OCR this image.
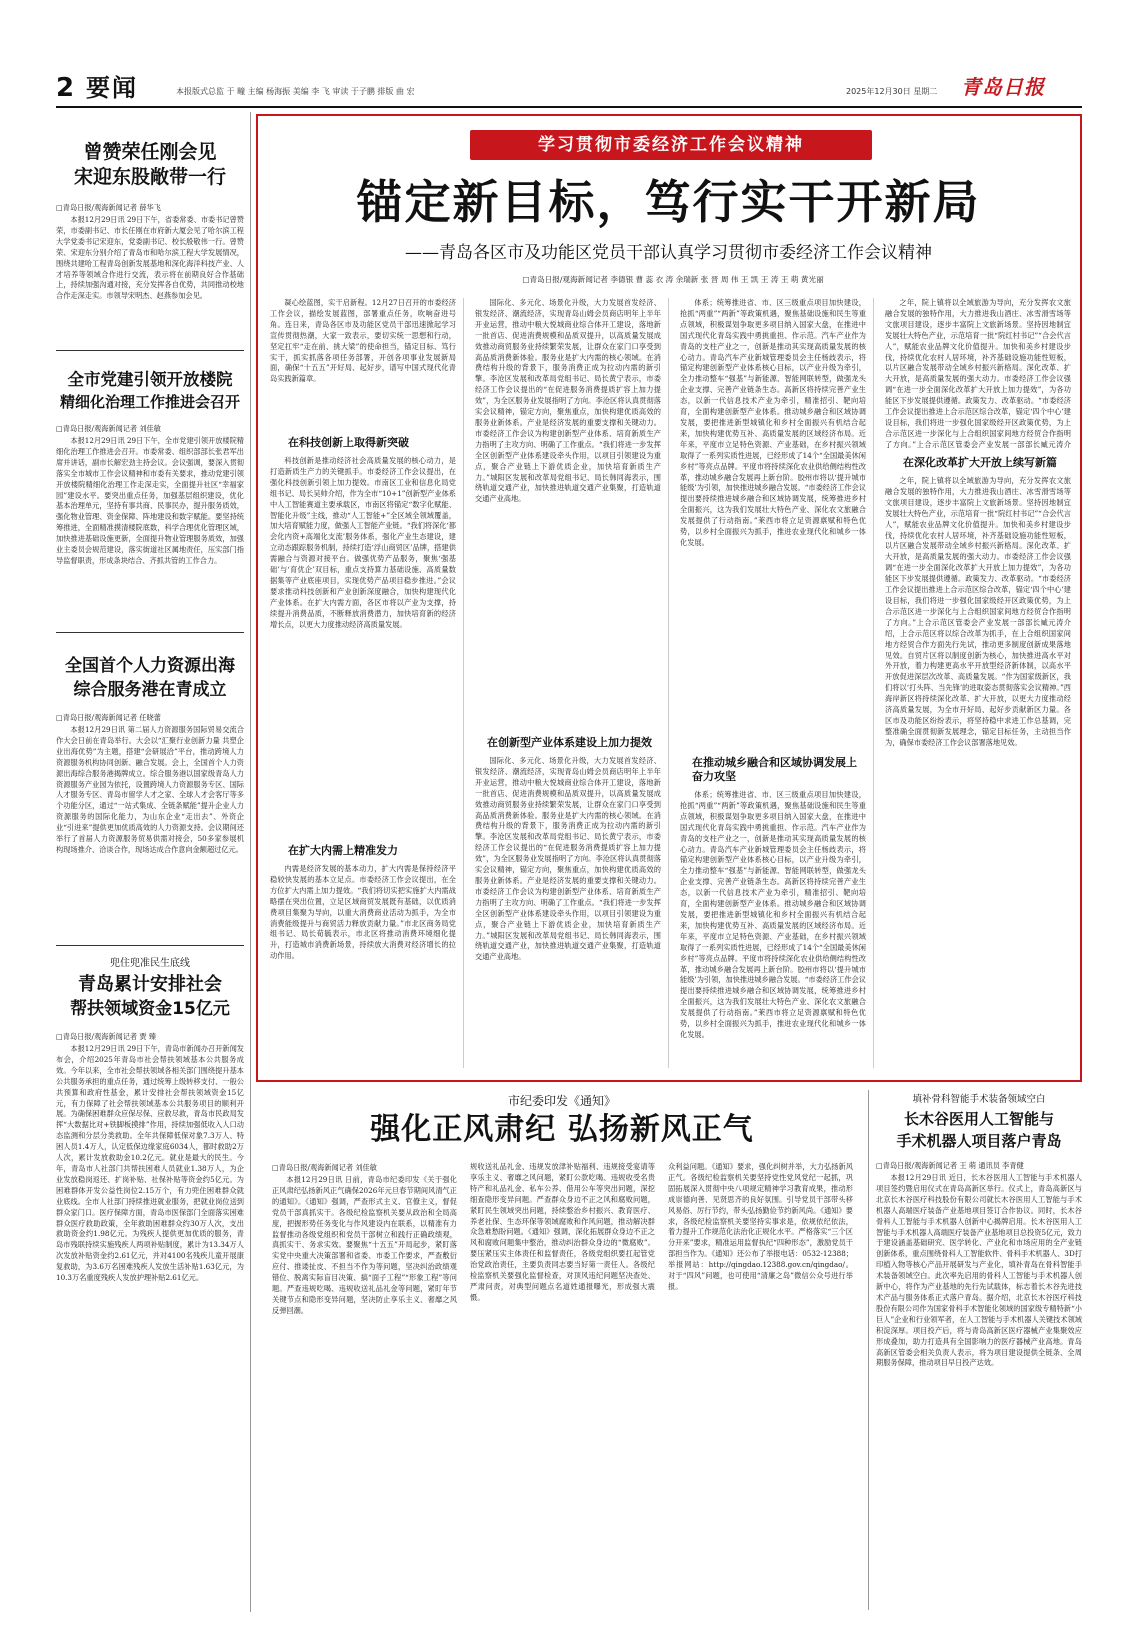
2 要闻	本报版式总监 于 疃 主编 杨海振 美编 李 飞 审读 于子鹏 排版 曲 宏	2025年12月30日 星期二 青岛日报
曾赞荣任刚会见
宋迎东股敞带一行
□青岛日报/观海新闻记者 薛华飞
本报12月29日讯 29日下午，省委常委、市委书记曾赞荣，市委副书记、市长任刚在市府新大厦会见了哈尔滨工程大学党委书记宋迎东，党委副书记、校长殷敬伟一行。曾赞荣、宋迎东分别介绍了青岛市和哈尔滨工程大学发展情况，围绕共建哈工程青岛创新发展基地和深化海洋科技产业、人才培养等领域合作进行交流，表示将在前期良好合作基础上，持续加强沟通对接，充分发挥各自优势，共同推动校地合作走深走实。市领导宋明杰、赵燕参加会见。
全市党建引领开放楼院
精细化治理工作推进会召开
□青岛日报/观海新闻记者 刘佳敏
本报12月29日讯 29日下午，全市党建引领开放楼院精细化治理工作推进会召开。市委常委、组织部部长张君军出席并讲话，副市长解宏劲主持会议。会议强调，要深入贯彻落实全市城市工作会议精神和市委有关要求，推动党建引领开放楼院精细化治理工作走深走实，全面提升社区“幸福家园”建设水平。要突出重点任务，加强基层组织建设，优化基本治理单元，坚持有事共商、民事民办，提升服务质效，强化物业管理、资金保障、阵地建设和数字赋能。要坚持统筹推进，全面精准摸清楼院底数，科学合理优化管理区域，加快推进基础设施更新，全面提升物业管理服务质效，加强业主委员会规范建设，落实街道社区属地责任，压实部门指导监督职责，形成条块结合、齐抓共管的工作合力。
全国首个人力资源出海
综合服务港在青成立
□青岛日报/观海新闻记者 任晓蕾
本报12月29日讯 第二届人力资源服务国际贸易交流合作大会日前在青岛举行。大会以“汇聚行业创新力量 共塑企业出海优势”为主题，搭建“会研展洽”平台，推动跨境人力资源服务机构协同创新、融合发展。会上，全国首个人力资源出海综合服务港揭牌成立。综合服务港以国家级青岛人力资源服务产业园为依托，设置跨境人力资源服务专区、国际人才服务专区、青岛市留学人才之家、全球人才会客厅等多个功能分区，通过“一站式集成、全链条赋能”提升企业人力资源服务的国际化能力，为山东企业“走出去”、外资企业“引进来”提供更加优质高效的人力资源支持。会议期间还举行了首届人力资源服务贸易供需对接会，50多家参展机构现场推介、洽谈合作，现场达成合作意向金额超过亿元。
兜住兜准民生底线
青岛累计安排社会
帮扶领域资金15亿元
□青岛日报/观海新闻记者 贾 臻
本报12月29日讯 29日下午，青岛市新闻办召开新闻发布会，介绍2025年青岛市社会帮扶领域基本公共服务成效。今年以来，全市社会帮扶领域各相关部门围绕提升基本公共服务承担的重点任务，通过统筹上级转移支付、一般公共预算和政府性基金，累计安排社会帮扶领域资金15亿元，有力保障了社会帮扶领域基本公共服务项目的顺利开展。为确保困难群众应保尽保、应救尽救，青岛市民政局发挥“大数据比对+铁脚板摸排”作用，持续加强低收入人口动态监测和分层分类救助。全年共保障低保对象7.3万人、特困人员1.4万人，认定低保边缘家庭6034人，都时救助2万人次，累计发放救助金10.2亿元。就业是最大的民生。今年，青岛市人社部门共帮扶困难人员就业1.38万人，为企业发放稳岗返还、扩岗补贴、社保补贴等资金约5亿元。为困难群体开发公益性岗位2.15万个，有力兜住困难群众就业底线。全市人社部门持续推进就业服务，把就业岗位送到群众家门口。医疗保障方面，青岛市医保部门全面落实困难群众医疗救助政策，全年救助困难群众约30万人次，支出救助资金约1.98亿元。为残疾人提供更加优质的服务，青岛市残联持续实施残疾人两项补贴制度，累计为13.34万人次发放补贴资金约2.61亿元，并对4100名残疾儿童开展康复救助，为3.6万名困难残疾人发放生活补贴1.63亿元，为10.3万名重度残疾人发放护理补贴2.61亿元。
学习贯彻市委经济工作会议精神
锚定新目标，笃行实干开新局
——青岛各区市及功能区党员干部认真学习贯彻市委经济工作会议精神
□青岛日报/观海新闻记者 李德银 曹 蕊 衣 涛 余瑞新 张 晋 周 伟 王 凯 王 涛 王 萌 黄光丽
凝心绘蓝图，实干启新程。12月27日召开的市委经济工作会议，描绘发展蓝图，部署重点任务，吹响奋进号角。连日来，青岛各区市及功能区党员干部迅速掀起学习宣传贯彻热潮，大家一致表示，要切实统一思想和行动，坚定扛牢“走在前、挑大梁”的使命担当，锚定目标、笃行实干，抓实抓落各项任务部署，开创各项事业发展新局面，确保“十五五”开好局、起好步，谱写中国式现代化青岛实践新篇章。
在科技创新上取得新突破
科技创新是推动经济社会高质量发展的核心动力，是打造新质生产力的关键抓手。市委经济工作会议提出，在强化科技创新引领上加力提效。市南区工业和信息化局党组书记、局长吴帅介绍，作为全市“10+1”创新型产业体系中人工智能赛道主要承载区，市南区将锚定“数字化赋能、智能化升级”主线，推动“人工智能+”全区域全领域覆盖，加大培育赋能力度，做强人工智能产业链。“我们将深化‘都会化内资+高端化支流’服务体系，强化产业生态建设，建立动态跟踪服务机制，持续打造‘浮山商贸区’品牌，搭建供需融合与资源对接平台。做强优势产品服务，聚焦‘强基础’与‘育优企’双目标，重点支持算力基础设施、高质量数据集等产业底座项目，实现优势产品项目稳步推进。”会议要求推动科技创新和产业创新深度融合，加快构建现代化产业体系。在扩大内需方面，各区市将以产业为支撑，持续提升消费品质，不断释放消费潜力，加快培育新的经济增长点，以更大力度推动经济高质量发展。
在扩大内需上精准发力
内需是经济发展的基本动力，扩大内需是保持经济平稳较快发展的基本立足点。市委经济工作会议提出，在全方位扩大内需上加力提效。“我们将切实把实施扩大内需战略摆在突出位置，立足区域商贸发展既有基础，以优质消费项目集聚为导向，以重大消费商业活动为抓手，为全市消费能级提升与商贸活力释放贡献力量。”市北区商务局党组书记、局长荀毓表示，市北区将推动消费环境细化提升，打造城市消费新场景，持续放大消费对经济增长的拉动作用。
国际化、多元化、场景化升级，大力发展首发经济、银发经济、潮流经济，实现青岛山姆会员商店明年上半年开业运营，推动中粮大悦城商业综合体开工建设，落地新一批首店、促进消费规模和品质双提升，以高质量发展成效推动商贸服务业持续繁荣发展，让群众在家门口享受到高品质消费新体验。服务业是扩大内需的核心领域。在消费结构升级的背景下，服务消费正成为拉动内需的新引擎。李沧区发展和改革局党组书记、局长黄宁表示，市委经济工作会议提出的“在促进服务消费提质扩容上加力提效”，为全区服务业发展指明了方向。李沧区将认真贯彻落实会议精神，锚定方向，聚焦重点，加快构建优质高效的服务业新体系。产业是经济发展的重要支撑和关键动力。市委经济工作会议为构建创新型产业体系、培育新质生产力指明了主攻方向、明确了工作重点。“我们将进一步发挥全区创新型产业体系建设牵头作用，以项目引领建设为重点，聚合产业链上下游优质企业，加快培育新质生产力。”城阳区发展和改革局党组书记、局长韩同海表示，围绕轨道交通产业，加快推进轨道交通产业集聚，打造轨道交通产业高地。
在创新型产业体系建设上加力提效
国际化、多元化、场景化升级，大力发展首发经济、银发经济、潮流经济，实现青岛山姆会员商店明年上半年开业运营，推动中粮大悦城商业综合体开工建设，落地新一批首店、促进消费规模和品质双提升，以高质量发展成效推动商贸服务业持续繁荣发展，让群众在家门口享受到高品质消费新体验。服务业是扩大内需的核心领域。在消费结构升级的背景下，服务消费正成为拉动内需的新引擎。李沧区发展和改革局党组书记、局长黄宁表示，市委经济工作会议提出的“在促进服务消费提质扩容上加力提效”，为全区服务业发展指明了方向。李沧区将认真贯彻落实会议精神，锚定方向，聚焦重点，加快构建优质高效的服务业新体系。产业是经济发展的重要支撑和关键动力。市委经济工作会议为构建创新型产业体系、培育新质生产力指明了主攻方向、明确了工作重点。“我们将进一步发挥全区创新型产业体系建设牵头作用，以项目引领建设为重点，聚合产业链上下游优质企业，加快培育新质生产力。”城阳区发展和改革局党组书记、局长韩同海表示，围绕轨道交通产业，加快推进轨道交通产业集聚，打造轨道交通产业高地。
体系；统筹推进省、市、区三级重点项目加快建设，抢抓“两重”“两新”等政策机遇，聚焦基础设施和民生等重点领域，积极谋划争取更多项目纳入国家大盘，在推进中国式现代化青岛实践中勇挑重担、作示范。汽车产业作为青岛的支柱产业之一，创新是推动其实现高质量发展的核心动力。青岛汽车产业新城管理委员会主任杨歧表示，将锚定构建创新型产业体系核心目标，以产业升级为牵引，全力推动整车“强基”与新能源、智能网联转型，做强龙头企业支撑、完善产业链条生态。高新区将持续完善产业生态，以新一代信息技术产业为牵引，精准招引、靶向培育，全面构建创新型产业体系。推动城乡融合和区域协调发展，要把推进新型城镇化和乡村全面振兴有机结合起来，加快构建优势互补、高质量发展的区域经济布局。近年来，平度市立足特色资源、产业基础，在乡村振兴领域取得了一系列实质性进展，已经形成了14个“全国最美休闲乡村”等亮点品牌。平度市将持续深化农业供给侧结构性改革，推动城乡融合发展再上新台阶。胶州市将以‘提升城市能级’为引领，加快推进城乡融合发展。“市委经济工作会议提出要持续推进城乡融合和区域协调发展，统筹推进乡村全面振兴，这为我们发展壮大特色产业、深化农文旅融合发展提供了行动指南。”莱西市将立足资源禀赋和特色优势，以乡村全面振兴为抓手，推进农业现代化和城乡一体化发展。
在推动城乡融合和区域协调发展上奋力攻坚
体系；统筹推进省、市、区三级重点项目加快建设，抢抓“两重”“两新”等政策机遇，聚焦基础设施和民生等重点领域，积极谋划争取更多项目纳入国家大盘，在推进中国式现代化青岛实践中勇挑重担、作示范。汽车产业作为青岛的支柱产业之一，创新是推动其实现高质量发展的核心动力。青岛汽车产业新城管理委员会主任杨歧表示，将锚定构建创新型产业体系核心目标，以产业升级为牵引，全力推动整车“强基”与新能源、智能网联转型，做强龙头企业支撑、完善产业链条生态。高新区将持续完善产业生态，以新一代信息技术产业为牵引，精准招引、靶向培育，全面构建创新型产业体系。推动城乡融合和区域协调发展，要把推进新型城镇化和乡村全面振兴有机结合起来，加快构建优势互补、高质量发展的区域经济布局。近年来，平度市立足特色资源、产业基础，在乡村振兴领域取得了一系列实质性进展，已经形成了14个“全国最美休闲乡村”等亮点品牌。平度市将持续深化农业供给侧结构性改革，推动城乡融合发展再上新台阶。胶州市将以‘提升城市能级’为引领，加快推进城乡融合发展。“市委经济工作会议提出要持续推进城乡融合和区域协调发展，统筹推进乡村全面振兴，这为我们发展壮大特色产业、深化农文旅融合发展提供了行动指南。”莱西市将立足资源禀赋和特色优势，以乡村全面振兴为抓手，推进农业现代化和城乡一体化发展。
之年，院上镇将以全域旅游为导向，充分发挥农文旅融合发展的独特作用，大力推进我山酒庄、冰雪滑雪场等文旅项目建设，逐步丰富院上文旅新场景。坚持因地制宜发展壮大特色产业，示范培育一批“院红村书记”“合会代言人”，赋能农业品牌文化价值提升。加快和美乡村建设步伐，持续优化农村人居环境，补齐基础设施功能性短板，以片区融合发展带动全域乡村振兴新格局。深化改革、扩大开放，是高质量发展的强大动力。市委经济工作会议强调“在进一步全面深化改革扩大开放上加力提效”，为各功能区下步发展提供遵循。政策发力、改革驱动。“市委经济工作会议提出推进上合示范区综合改革，锚定‘四个中心’建设目标，我们将进一步强化国家级经开区政策优势，为上合示范区进一步深化与上合组织国家间地方经贸合作指明了方向。”上合示范区管委会产业发展一部部长臧元涛介
在深化改革扩大开放上续写新篇
之年，院上镇将以全域旅游为导向，充分发挥农文旅融合发展的独特作用，大力推进我山酒庄、冰雪滑雪场等文旅项目建设，逐步丰富院上文旅新场景。坚持因地制宜发展壮大特色产业，示范培育一批“院红村书记”“合会代言人”，赋能农业品牌文化价值提升。加快和美乡村建设步伐，持续优化农村人居环境，补齐基础设施功能性短板，以片区融合发展带动全域乡村振兴新格局。深化改革、扩大开放，是高质量发展的强大动力。市委经济工作会议强调“在进一步全面深化改革扩大开放上加力提效”，为各功能区下步发展提供遵循。政策发力、改革驱动。“市委经济工作会议提出推进上合示范区综合改革，锚定‘四个中心’建设目标，我们将进一步强化国家级经开区政策优势，为上合示范区进一步深化与上合组织国家间地方经贸合作指明了方向。”上合示范区管委会产业发展一部部长臧元涛介绍，上合示范区将以综合改革为抓手，在上合组织国家间地方经贸合作方面先行先试，推动更多制度创新成果落地见效。自贸片区将以制度创新为核心，加快推进高水平对外开放，着力构建更高水平开放型经济新体制，以高水平开放促进深层次改革、高质量发展。“作为国家级新区，我们将以‘打头阵、当先锋’的进取姿态贯彻落实会议精神。”西海岸新区将持续深化改革、扩大开放，以更大力度推动经济高质量发展，为全市开好局、起好步贡献新区力量。各区市及功能区纷纷表示，将坚持稳中求进工作总基调，完整准确全面贯彻新发展理念，锚定目标任务，主动担当作为，确保市委经济工作会议部署落地见效。
市纪委印发《通知》
强化正风肃纪 弘扬新风正气
□青岛日报/观海新闻记者 刘佳敏
本报12月29日讯 日前，青岛市纪委印发《关于强化正风肃纪弘扬新风正气确保2026年元旦春节期间风清气正的通知》。《通知》强调，严查形式主义、官僚主义，督促党员干部真抓实干。各级纪检监察机关要从政治和全局高度，把握形势任务变化与作风建设内在联系，以精准有力监督推动各级党组织和党员干部树立和践行正确政绩观，真抓实干、务求实效。要聚焦“十五五”开局起步，紧盯落实党中央重大决策部署和省委、市委工作要求，严查敷衍应付、推诿扯皮、不担当不作为等问题，坚决纠治政绩观错位、脱离实际盲目决策、搞“面子工程”“形象工程”等问题。严查违规吃喝、违规收送礼品礼金等问题，紧盯年节关键节点和隐形变异问题，坚决防止享乐主义、奢靡之风反弹回潮。
规收送礼品礼金、违规发放津补贴福利、违规接受宴请等享乐主义、奢靡之风问题，紧盯公款吃喝、违规收受名贵特产和礼品礼金、私车公养、借用公车等突出问题，深挖细查隐形变异问题。严查群众身边不正之风和腐败问题，紧盯民生领域突出问题，持续整治乡村振兴、教育医疗、养老社保、生态环保等领域腐败和作风问题，推动解决群众急难愁盼问题。《通知》强调，深化拓展群众身边不正之风和腐败问题集中整治，推动纠治群众身边的“微腐败”。要压紧压实主体责任和监督责任，各级党组织要扛起管党治党政治责任，主要负责同志要当好第一责任人。各级纪检监察机关要强化监督检查，对顶风违纪问题坚决查处、严肃问责，对典型问题点名道姓通报曝光，形成强大震慑。
众利益问题。《通知》要求，强化纠树并举，大力弘扬新风正气。各级纪检监察机关要坚持党性党风党纪一起抓，巩固拓展深入贯彻中央八项规定精神学习教育成果，推动形成崇德向善、见贤思齐的良好氛围。引导党员干部带头移风易俗、厉行节约，带头弘扬勤俭节约新风尚。《通知》要求，各级纪检监察机关要坚持实事求是，依规依纪依法，着力提升工作规范化法治化正规化水平。严格落实“三个区分开来”要求，精准运用监督执纪“四种形态”，激励党员干部担当作为。《通知》还公布了举报电话：0532-12388；举报网站：http://qingdao.12388.gov.cn/qingdao/。对于“四风”问题，也可使用“清廉之岛”微信公众号进行举报。
填补骨科智能手术装备领域空白
长木谷医用人工智能与
手术机器人项目落户青岛
□青岛日报/观海新闻记者 王 萌 通讯员 李青健
本报12月29日讯 近日，长木谷医用人工智能与手术机器人项目签约暨启用仪式在青岛高新区举行。仪式上，青岛高新区与北京长木谷医疗科技股份有限公司就长木谷医用人工智能与手术机器人高端医疗装备产业基地项目签订合作协议。同时，长木谷骨科人工智能与手术机器人创新中心揭牌启用。长木谷医用人工智能与手术机器人高端医疗装备产业基地项目总投资5亿元，致力于建设涵盖基础研究、医学转化、产业化和市场应用的全产业链创新体系，重点围绕骨科人工智能软件、骨科手术机器人、3D打印植入物等核心产品开展研发与产业化，填补青岛在骨科智能手术装备领域空白。此次率先启用的骨科人工智能与手术机器人创新中心，将作为产业基地的先行先试载体，标志着长木谷先进技术产品与服务体系正式落户青岛。据介绍，北京长木谷医疗科技股份有限公司作为国家骨科手术智能化领域的国家级专精特新“小巨人”企业和行业领军者，在人工智能与手术机器人关键技术领域积淀深厚。项目投产后，将与青岛高新区医疗器械产业集聚效应形成叠加，助力打造具有全国影响力的医疗器械产业高地。青岛高新区管委会相关负责人表示，将为项目建设提供全链条、全周期服务保障，推动项目早日投产达效。
